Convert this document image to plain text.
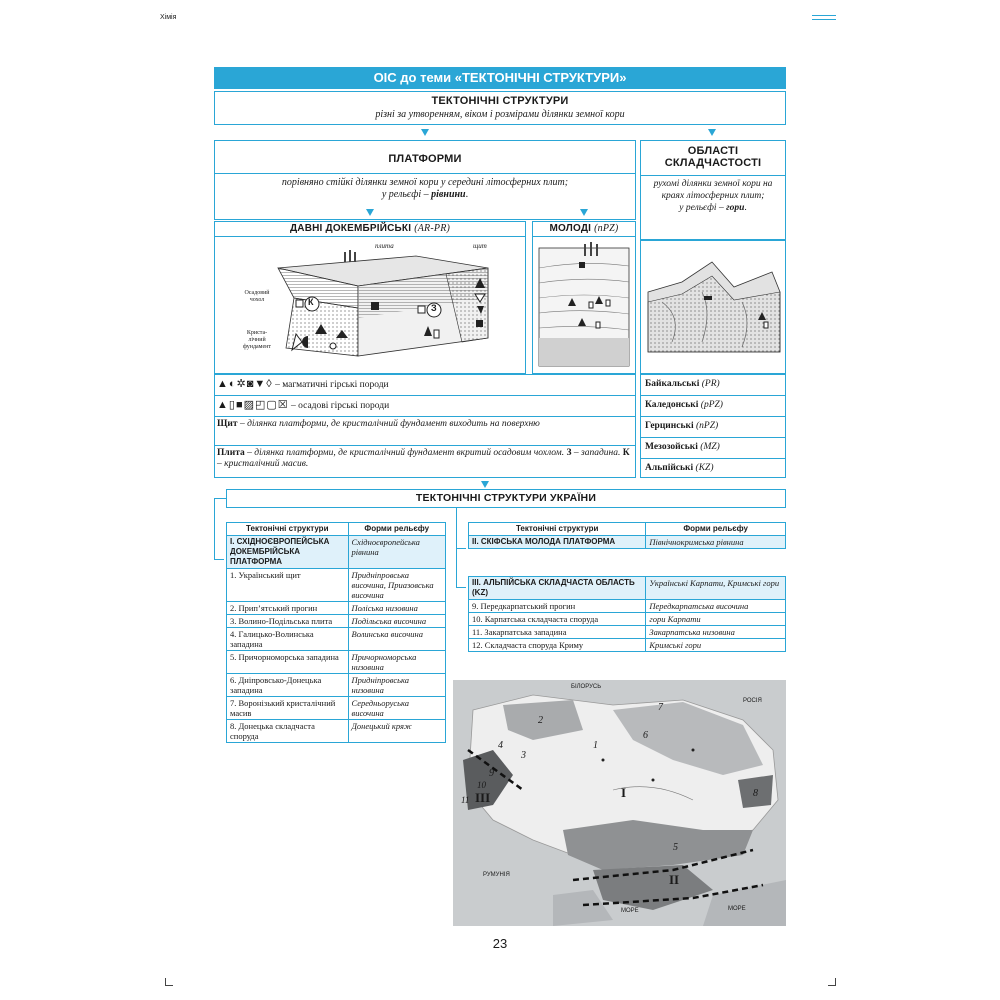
Хімія
ОІС до теми «ТЕКТОНІЧНІ СТРУКТУРИ»
ТЕКТОНІЧНІ СТРУКТУРИ
різні за утворенням, віком і розмірами ділянки земної кори
ПЛАТФОРМИ
порівняно стійкі ділянки земної кори у середині літосферних плит;
у рельєфі – рівнини.
ОБЛАСТІ СКЛАДЧАСТОСТІ
рухомі ділянки земної кори на краях літосферних плит;
у рельєфі – гори.
ДАВНІ ДОКЕМБРІЙСЬКІ (AR-PR)
плита	щит
Осадовий чохол
Криста-
лічний
фундамент
К
З
МОЛОДІ (nPZ)
Байкальські (PR)
Каледонські (pPZ)
Герцинські (nPZ)
Мезозойські (MZ)
Альпійські (KZ)
▲◐✲◙▼◊ – магматичні гірські породи
▲▯■▨◰▢☒ – осадові гірські породи
Щит – ділянка платформи, де кристалічний фундамент виходить на поверхню
Плита – ділянка платформи, де кристалічний фундамент вкритий осадовим чохлом. З – западина. К – кристалічний масив.
ТЕКТОНІЧНІ СТРУКТУРИ УКРАЇНИ
Тектонічні структури	Форми рельєфу
І. СХІДНОЄВРОПЕЙСЬКА ДОКЕМБРІЙСЬКА ПЛАТФОРМА	Східноєвропейська рівнина
1. Український щит	Придніпровська височина, Приазовська височина
2. Прип’ятський прогин	Поліська низовина
3. Волино-Подільська плита	Подільська височина
4. Галицько-Волинська западина	Волинська височина
5. Причорноморська западина	Причорноморська низовина
6. Дніпровсько-Донецька западина	Придніпровська низовина
7. Воронізький кристалічний масив	Середньоруська височина
8. Донецька складчаста споруда	Донецький кряж
Тектонічні структури	Форми рельєфу
ІІ. СКІФСЬКА МОЛОДА ПЛАТФОРМА	Північнокримська рівнина
ІІІ. АЛЬПІЙСЬКА СКЛАДЧАСТА ОБЛАСТЬ (KZ)	Українські Карпати, Кримські гори
9. Передкарпатський прогин	Передкарпатська височина
10. Карпатська складчаста споруда	гори Карпати
11. Закарпатська западина	Закарпатська низовина
12. Складчаста споруда Криму	Кримські гори
БІЛОРУСЬ
РОСІЯ
РУМУНІЯ
МОРЕ	МОРЕ
2
3
4
5
6
7
8
9
10
11
1
І
ІІ
ІІІ
23
